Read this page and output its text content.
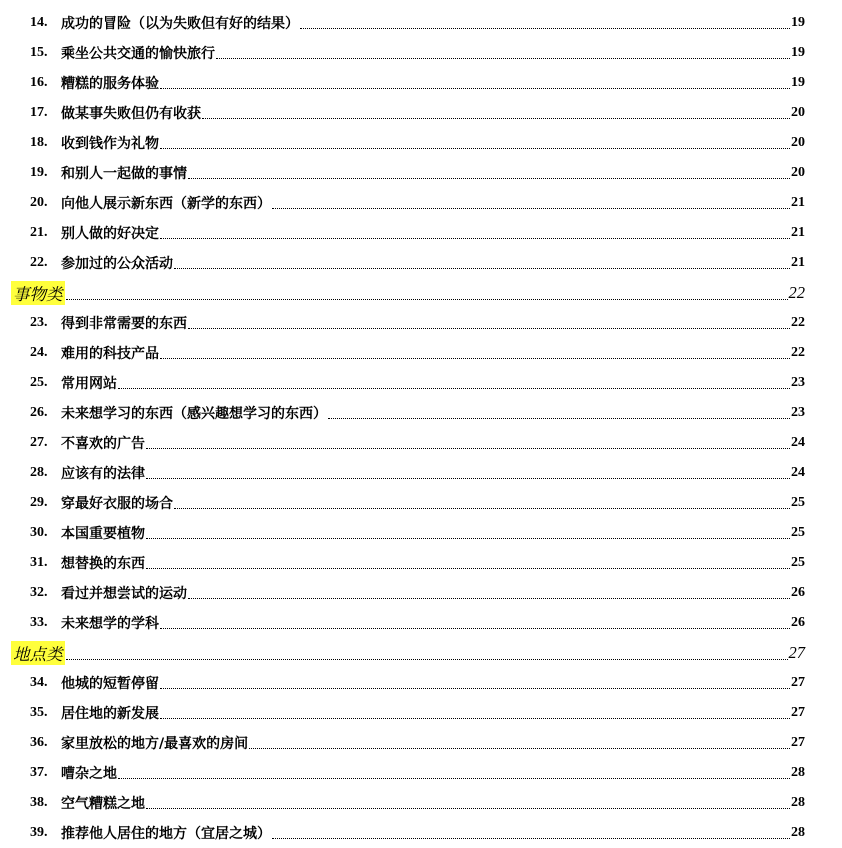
14. 成功的冒险（以为失败但有好的结果）	19
15. 乘坐公共交通的愉快旅行	19
16. 糟糕的服务体验	19
17. 做某事失败但仍有收获	20
18. 收到钱作为礼物	20
19. 和别人一起做的事情	20
20. 向他人展示新东西（新学的东西）	21
21. 别人做的好决定	21
22. 参加过的公众活动	21
事物类	22
23. 得到非常需要的东西	22
24. 难用的科技产品	22
25. 常用网站	23
26. 未来想学习的东西（感兴趣想学习的东西）	23
27. 不喜欢的广告	24
28. 应该有的法律	24
29. 穿最好衣服的场合	25
30. 本国重要植物	25
31. 想替换的东西	25
32. 看过并想尝试的运动	26
33. 未来想学的学科	26
地点类	27
34. 他城的短暂停留	27
35. 居住地的新发展	27
36. 家里放松的地方/最喜欢的房间	27
37. 嘈杂之地	28
38. 空气糟糕之地	28
39. 推荐他人居住的地方（宜居之城）	28
